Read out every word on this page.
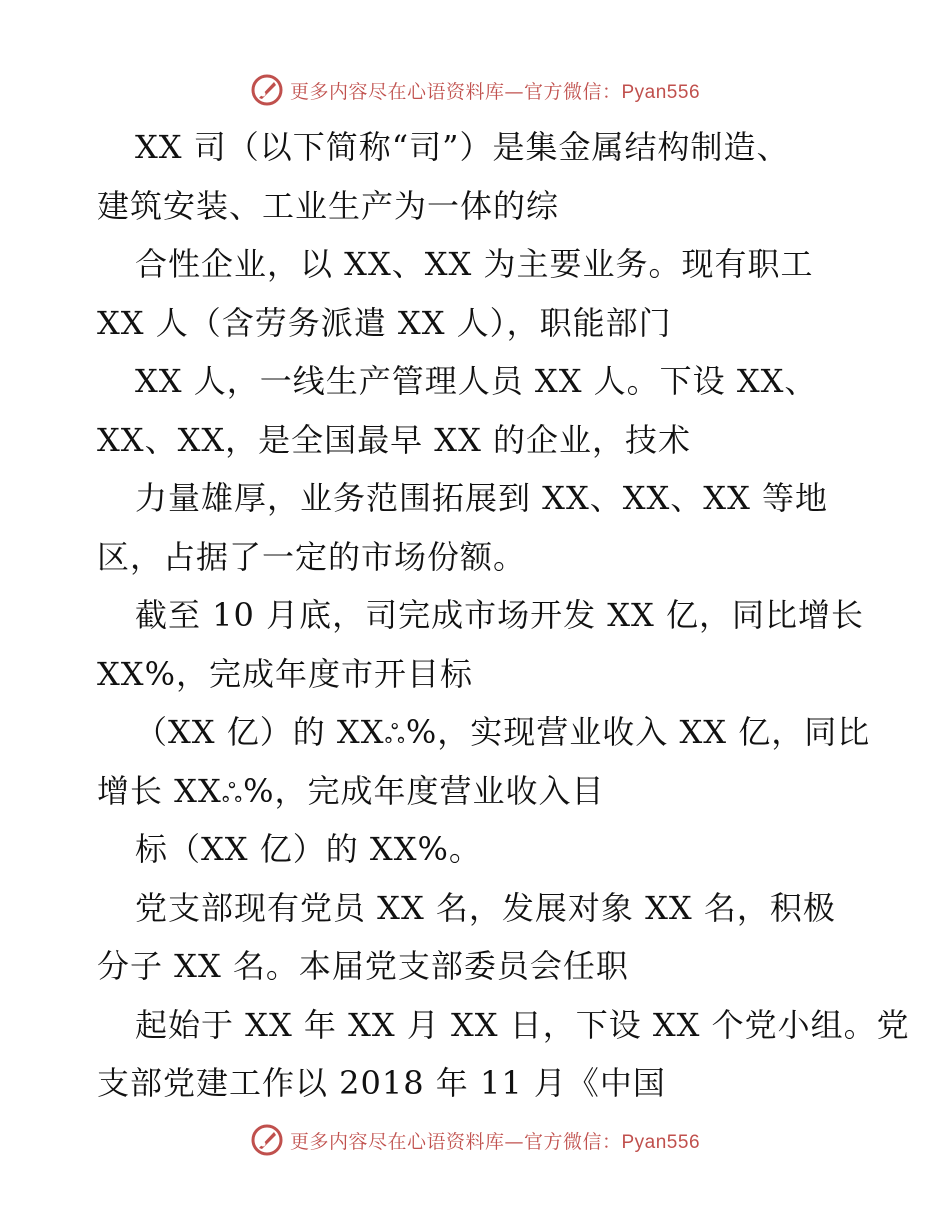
更多内容尽在心语资料库—官方微信：Pyan556
XX 司（以下简称“司”）是集金属结构制造、
建筑安装、工业生产为一体的综
合性企业，以 XX、XX 为主要业务。现有职工
XX 人（含劳务派遣 XX 人），职能部门
XX 人，一线生产管理人员 XX 人。下设 XX、
XX、XX，是全国最早 XX 的企业，技术
力量雄厚，业务范围拓展到 XX、XX、XX 等地
区，占据了一定的市场份额。
截至 10 月底，司完成市场开发 XX 亿，同比增长
XX%，完成年度市开目标
（XX 亿）的 XXஃ%，实现营业收入 XX 亿，同比
增长 XXஃ%，完成年度营业收入目
标（XX 亿）的 XX%。
党支部现有党员 XX 名，发展对象 XX 名，积极
分子 XX 名。本届党支部委员会任职
起始于 XX 年 XX 月 XX 日，下设 XX 个党小组。党
支部党建工作以 2018 年 11 月《中国
更多内容尽在心语资料库—官方微信：Pyan556
